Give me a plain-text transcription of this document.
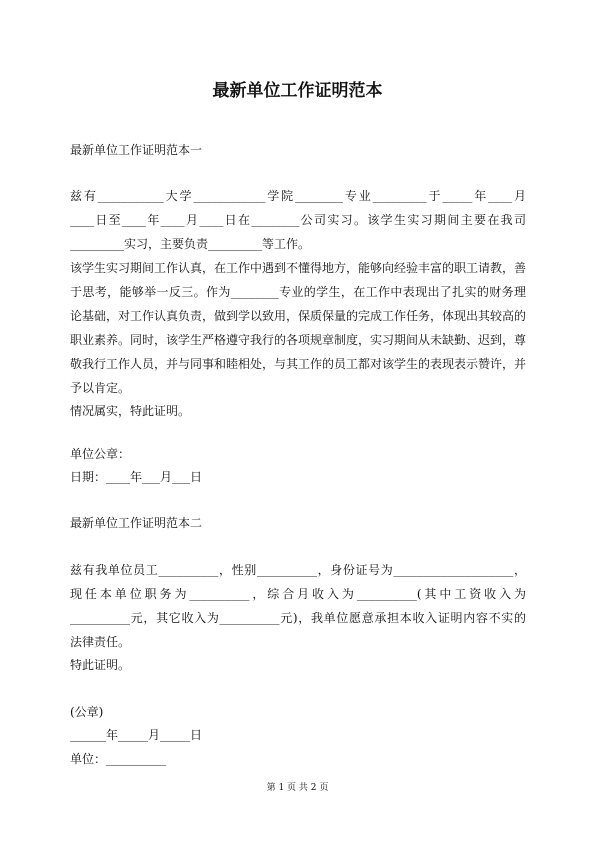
最新单位工作证明范本
最新单位工作证明范本一
兹有___________大学____________学院________专业_________于_____年____月
____日至____年____月____日在________公司实习。该学生实习期间主要在我司
_________实习，主要负责_________等工作。
该学生实习期间工作认真，在工作中遇到不懂得地方，能够向经验丰富的职工请教，善
于思考，能够举一反三。作为________专业的学生，在工作中表现出了扎实的财务理
论基础，对工作认真负责，做到学以致用，保质保量的完成工作任务，体现出其较高的
职业素养。同时，该学生严格遵守我行的各项规章制度，实习期间从未缺勤、迟到，尊
敬我行工作人员，并与同事和睦相处，与其工作的员工都对该学生的表现表示赞许，并
予以肯定。
情况属实，特此证明。
单位公章：
日期：____年___月___日
最新单位工作证明范本二
兹有我单位员工__________，性别__________，身份证号为____________________，
现任本单位职务为__________，综合月收入为__________(其中工资收入为
__________元，其它收入为__________元)，我单位愿意承担本收入证明内容不实的
法律责任。
特此证明。
(公章)
______年_____月_____日
单位：__________
第 1 页 共 2 页
